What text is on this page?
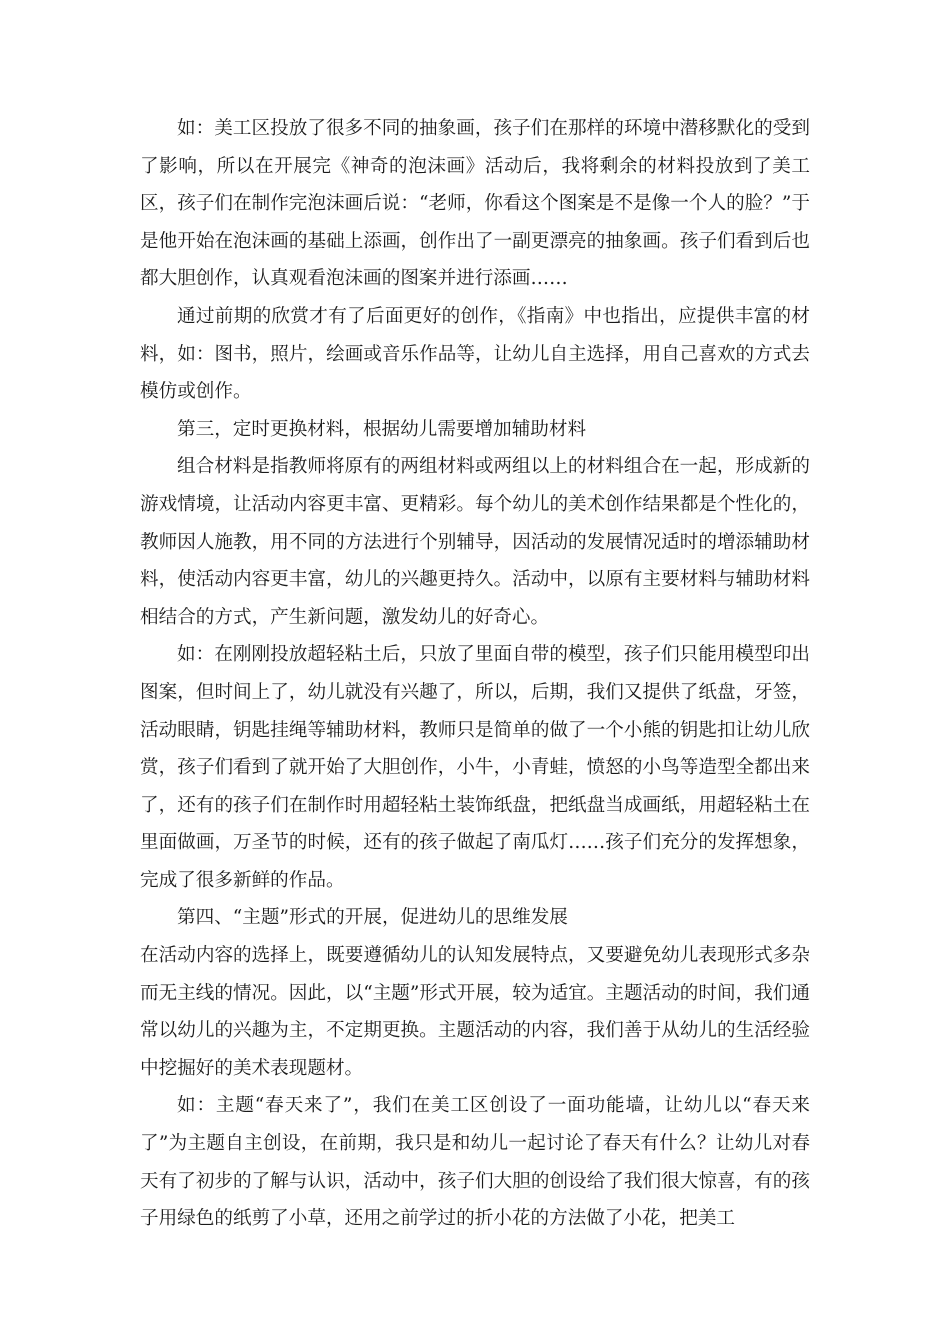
如：美工区投放了很多不同的抽象画，孩子们在那样的环境中潜移默化的受到了影响，所以在开展完《神奇的泡沫画》活动后，我将剩余的材料投放到了美工区，孩子们在制作完泡沫画后说：“老师，你看这个图案是不是像一个人的脸？”于是他开始在泡沫画的基础上添画，创作出了一副更漂亮的抽象画。孩子们看到后也都大胆创作，认真观看泡沫画的图案并进行添画……

通过前期的欣赏才有了后面更好的创作，《指南》中也指出，应提供丰富的材料，如：图书，照片，绘画或音乐作品等，让幼儿自主选择，用自己喜欢的方式去模仿或创作。

第三，定时更换材料，根据幼儿需要增加辅助材料

组合材料是指教师将原有的两组材料或两组以上的材料组合在一起，形成新的游戏情境，让活动内容更丰富、更精彩。每个幼儿的美术创作结果都是个性化的，教师因人施教，用不同的方法进行个别辅导，因活动的发展情况适时的增添辅助材料，使活动内容更丰富，幼儿的兴趣更持久。活动中，以原有主要材料与辅助材料相结合的方式，产生新问题，激发幼儿的好奇心。

如：在刚刚投放超轻粘土后，只放了里面自带的模型，孩子们只能用模型印出图案，但时间上了，幼儿就没有兴趣了，所以，后期，我们又提供了纸盘，牙签，活动眼睛，钥匙挂绳等辅助材料，教师只是简单的做了一个小熊的钥匙扣让幼儿欣赏，孩子们看到了就开始了大胆创作，小牛，小青蛙，愤怒的小鸟等造型全都出来了，还有的孩子们在制作时用超轻粘土装饰纸盘，把纸盘当成画纸，用超轻粘土在里面做画，万圣节的时候，还有的孩子做起了南瓜灯……孩子们充分的发挥想象，完成了很多新鲜的作品。

第四、“主题”形式的开展，促进幼儿的思维发展

在活动内容的选择上，既要遵循幼儿的认知发展特点，又要避免幼儿表现形式多杂而无主线的情况。因此，以“主题”形式开展，较为适宜。主题活动的时间，我们通常以幼儿的兴趣为主，不定期更换。主题活动的内容，我们善于从幼儿的生活经验中挖掘好的美术表现题材。

如：主题“春天来了”，我们在美工区创设了一面功能墙，让幼儿以“春天来了”为主题自主创设，在前期，我只是和幼儿一起讨论了春天有什么？让幼儿对春天有了初步的了解与认识，活动中，孩子们大胆的创设给了我们很大惊喜，有的孩子用绿色的纸剪了小草，还用之前学过的折小花的方法做了小花，把美工
